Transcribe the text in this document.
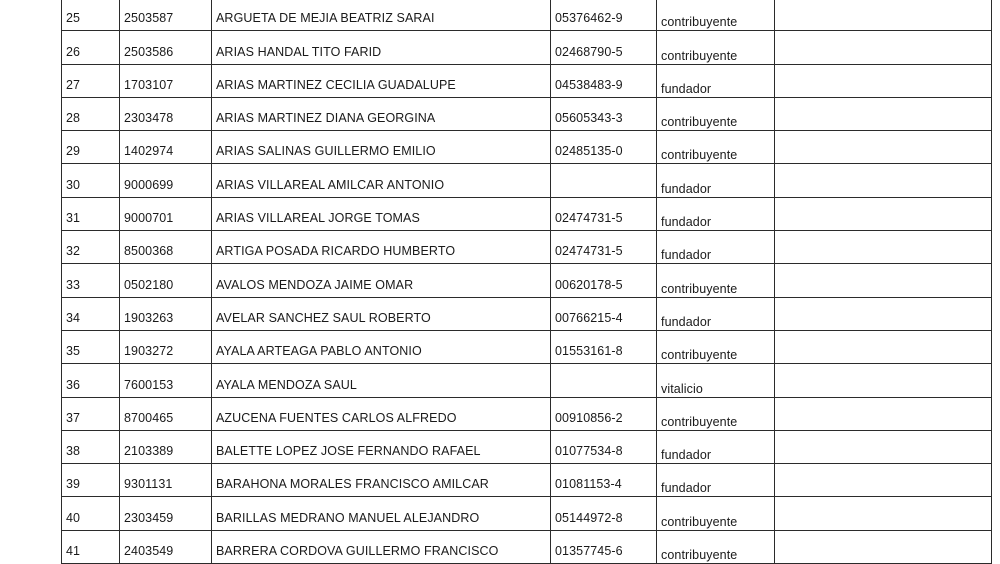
25	2503587	ARGUETA DE MEJIA BEATRIZ SARAI	05376462-9	contribuyente	
26	2503586	ARIAS HANDAL TITO FARID	02468790-5	contribuyente	
27	1703107	ARIAS MARTINEZ CECILIA GUADALUPE	04538483-9	fundador	
28	2303478	ARIAS MARTINEZ DIANA GEORGINA	05605343-3	contribuyente	
29	1402974	ARIAS SALINAS GUILLERMO EMILIO	02485135-0	contribuyente	
30	9000699	ARIAS VILLAREAL AMILCAR ANTONIO		fundador	
31	9000701	ARIAS VILLAREAL JORGE TOMAS	02474731-5	fundador	
32	8500368	ARTIGA POSADA RICARDO HUMBERTO	02474731-5	fundador	
33	0502180	AVALOS MENDOZA JAIME OMAR	00620178-5	contribuyente	
34	1903263	AVELAR SANCHEZ SAUL ROBERTO	00766215-4	fundador	
35	1903272	AYALA ARTEAGA PABLO ANTONIO	01553161-8	contribuyente	
36	7600153	AYALA MENDOZA SAUL		vitalicio	
37	8700465	AZUCENA FUENTES CARLOS ALFREDO	00910856-2	contribuyente	
38	2103389	BALETTE LOPEZ JOSE FERNANDO RAFAEL	01077534-8	fundador	
39	9301131	BARAHONA MORALES FRANCISCO AMILCAR	01081153-4	fundador	
40	2303459	BARILLAS MEDRANO MANUEL ALEJANDRO	05144972-8	contribuyente	
41	2403549	BARRERA CORDOVA GUILLERMO FRANCISCO	01357745-6	contribuyente	
